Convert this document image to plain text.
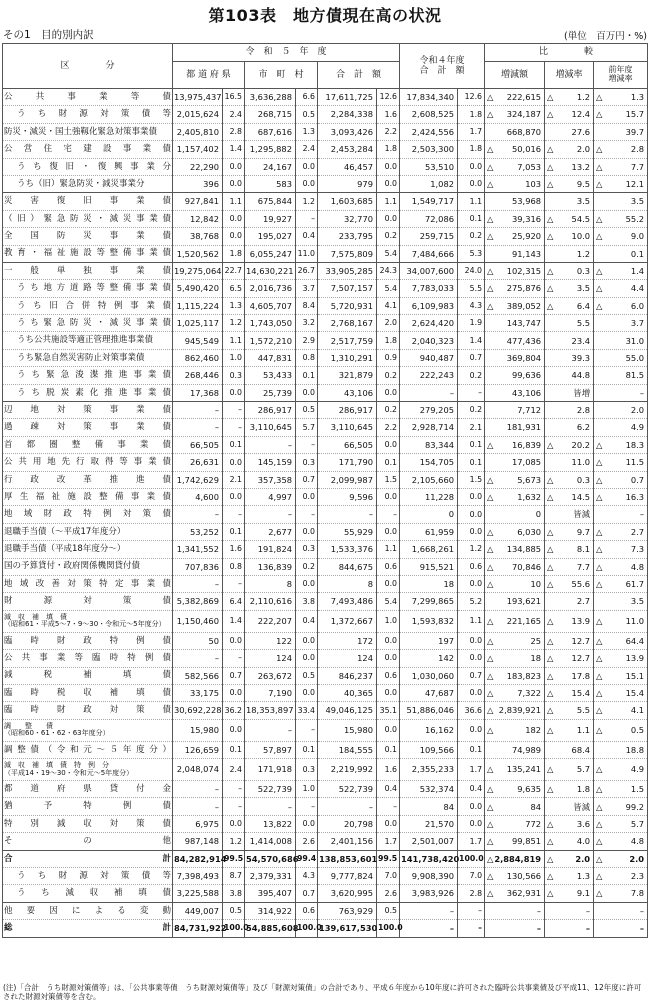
第103表　地方債現在高の状況
その1　目的別内訳	(単位　百万円・%)
区　　　　分	令　和　５　年　度						令和４年度
合　計　額		比　　　　較		
	都 道 府 県		市　町　村		合　計　額				増減額	増減率	前年度
増減率
公共事業等債	13,975,437	16.5	3,636,288	6.6	17,611,725	12.6	17,834,340	12.6	△ 222,615	△ 1.2	△ 1.3
うち財源対策債等	2,015,624	2.4	268,715	0.5	2,284,338	1.6	2,608,525	1.8	△ 324,187	△ 12.4	△ 15.7
防災・減災・国土強靱化緊急対策事業債	2,405,810	2.8	687,616	1.3	3,093,426	2.2	2,424,556	1.7	668,870	27.6	39.7
公営住宅建設事業債	1,157,402	1.4	1,295,882	2.4	2,453,284	1.8	2,503,300	1.8	△ 50,016	△ 2.0	△ 2.8
うち復旧・復興事業分	22,290	0.0	24,167	0.0	46,457	0.0	53,510	0.0	△ 7,053	△ 13.2	△ 7.7
うち（旧）緊急防災・減災事業分	396	0.0	583	0.0	979	0.0	1,082	0.0	△ 103	△ 9.5	△ 12.1
災害復旧事業債	927,841	1.1	675,844	1.2	1,603,685	1.1	1,549,717	1.1	53,968	3.5	3.5
（旧）緊急防災・減災事業債	12,842	0.0	19,927	–	32,770	0.0	72,086	0.1	△ 39,316	△ 54.5	△ 55.2
全国防災事業債	38,768	0.0	195,027	0.4	233,795	0.2	259,715	0.2	△ 25,920	△ 10.0	△ 9.0
教育・福祉施設等整備事業債	1,520,562	1.8	6,055,247	11.0	7,575,809	5.4	7,484,666	5.3	91,143	1.2	0.1
一般単独事業債	19,275,064	22.7	14,630,221	26.7	33,905,285	24.3	34,007,600	24.0	△ 102,315	△ 0.3	△ 1.4
うち地方道路等整備事業債	5,490,420	6.5	2,016,736	3.7	7,507,157	5.4	7,783,033	5.5	△ 275,876	△ 3.5	△ 4.4
うち旧合併特例事業債	1,115,224	1.3	4,605,707	8.4	5,720,931	4.1	6,109,983	4.3	△ 389,052	△ 6.4	△ 6.0
うち緊急防災・減災事業債	1,025,117	1.2	1,743,050	3.2	2,768,167	2.0	2,624,420	1.9	143,747	5.5	3.7
うち公共施設等適正管理推進事業債	945,549	1.1	1,572,210	2.9	2,517,759	1.8	2,040,323	1.4	477,436	23.4	31.0
うち緊急自然災害防止対策事業債	862,460	1.0	447,831	0.8	1,310,291	0.9	940,487	0.7	369,804	39.3	55.0
うち緊急浚渫推進事業債	268,446	0.3	53,433	0.1	321,879	0.2	222,243	0.2	99,636	44.8	81.5
うち脱炭素化推進事業債	17,368	0.0	25,739	0.0	43,106	0.0	–	–	43,106	皆増	–
辺地対策事業債	–	–	286,917	0.5	286,917	0.2	279,205	0.2	7,712	2.8	2.0
過疎対策事業債	–	–	3,110,645	5.7	3,110,645	2.2	2,928,714	2.1	181,931	6.2	4.9
首都圏整備事業債	66,505	0.1	–	–	66,505	0.0	83,344	0.1	△ 16,839	△ 20.2	△ 18.3
公共用地先行取得等事業債	26,631	0.0	145,159	0.3	171,790	0.1	154,705	0.1	17,085	11.0	△ 11.5
行政改革推進債	1,742,629	2.1	357,358	0.7	2,099,987	1.5	2,105,660	1.5	△ 5,673	△ 0.3	△ 0.7
厚生福祉施設整備事業債	4,600	0.0	4,997	0.0	9,596	0.0	11,228	0.0	△ 1,632	△ 14.5	△ 16.3
地域財政特例対策債	–	–	–	–	–	–	0	0.0	0	皆減	–
退職手当債（～平成17年度分）	53,252	0.1	2,677	0.0	55,929	0.0	61,959	0.0	△ 6,030	△ 9.7	△ 2.7
退職手当債（平成18年度分～）	1,341,552	1.6	191,824	0.3	1,533,376	1.1	1,668,261	1.2	△ 134,885	△ 8.1	△ 7.3
国の予算貸付・政府関係機関貸付債	707,836	0.8	136,839	0.2	844,675	0.6	915,521	0.6	△ 70,846	△ 7.7	△ 4.8
地域改善対策特定事業債	–	–	8	0.0	8	0.0	18	0.0	△ 10	△ 55.6	△ 61.7
財源対策債	5,382,869	6.4	2,110,616	3.8	7,493,486	5.4	7,299,865	5.2	193,621	2.7	3.5
減　収　補　填　債
（昭和61・平成5～7・9～30・令和元～5年度分）	1,150,460	1.4	222,207	0.4	1,372,667	1.0	1,593,832	1.1	△ 221,165	△ 13.9	△ 11.0
臨時財政特例債	50	0.0	122	0.0	172	0.0	197	0.0	△ 25	△ 12.7	△ 64.4
公共事業等臨時特例債	–	–	124	0.0	124	0.0	142	0.0	△ 18	△ 12.7	△ 13.9
減税補填債	582,566	0.7	263,672	0.5	846,237	0.6	1,030,060	0.7	△ 183,823	△ 17.8	△ 15.1
臨時税収補填債	33,175	0.0	7,190	0.0	40,365	0.0	47,687	0.0	△ 7,322	△ 15.4	△ 15.4
臨時財政対策債	30,692,228	36.2	18,353,897	33.4	49,046,125	35.1	51,886,046	36.6	△ 2,839,921	△ 5.5	△ 4.1
調　　整　　債
（昭和60・61・62・63年度分）	15,980	0.0	–	–	15,980	0.0	16,162	0.0	△ 182	△ 1.1	△ 0.5
調整債（令和元～５年度分）	126,659	0.1	57,897	0.1	184,555	0.1	109,566	0.1	74,989	68.4	18.8
減　収　補　填　債　特　例　分
（平成14・19～30・令和元～5年度分）	2,048,074	2.4	171,918	0.3	2,219,992	1.6	2,355,233	1.7	△ 135,241	△ 5.7	△ 4.9
都道府県貸付金	–	–	522,739	1.0	522,739	0.4	532,374	0.4	△ 9,635	△ 1.8	△ 1.5
猶予特例債	–	–	–	–	–	–	84	0.0	△ 84	皆減	△ 99.2
特別減収対策債	6,975	0.0	13,822	0.0	20,798	0.0	21,570	0.0	△ 772	△ 3.6	△ 5.7
その他	987,148	1.2	1,414,008	2.6	2,401,156	1.7	2,501,007	1.7	△ 99,851	△ 4.0	△ 4.8
合計	84,282,914	99.5	54,570,686	99.4	138,853,601	99.5	141,738,420	100.0	△ 2,884,819	△ 2.0	△ 2.0
うち財源対策債等	7,398,493	8.7	2,379,331	4.3	9,777,824	7.0	9,908,390	7.0	△ 130,566	△ 1.3	△ 2.3
うち減収補填債	3,225,588	3.8	395,407	0.7	3,620,995	2.6	3,983,926	2.8	△ 362,931	△ 9.1	△ 7.8
他要因による変動	449,007	0.5	314,922	0.6	763,929	0.5	–	–	–	–	–
総計	84,731,922	100.0	54,885,608	100.0	139,617,530	100.0	–	–	–	–	–
(注)「合計　うち財源対策債等」は、「公共事業等債　うち財源対策債等」及び「財源対策債」の合計であり、平成６年度から10年度に許可された臨時公共事業債及び平成11、12年度に許可された財源対策債等を含む。
